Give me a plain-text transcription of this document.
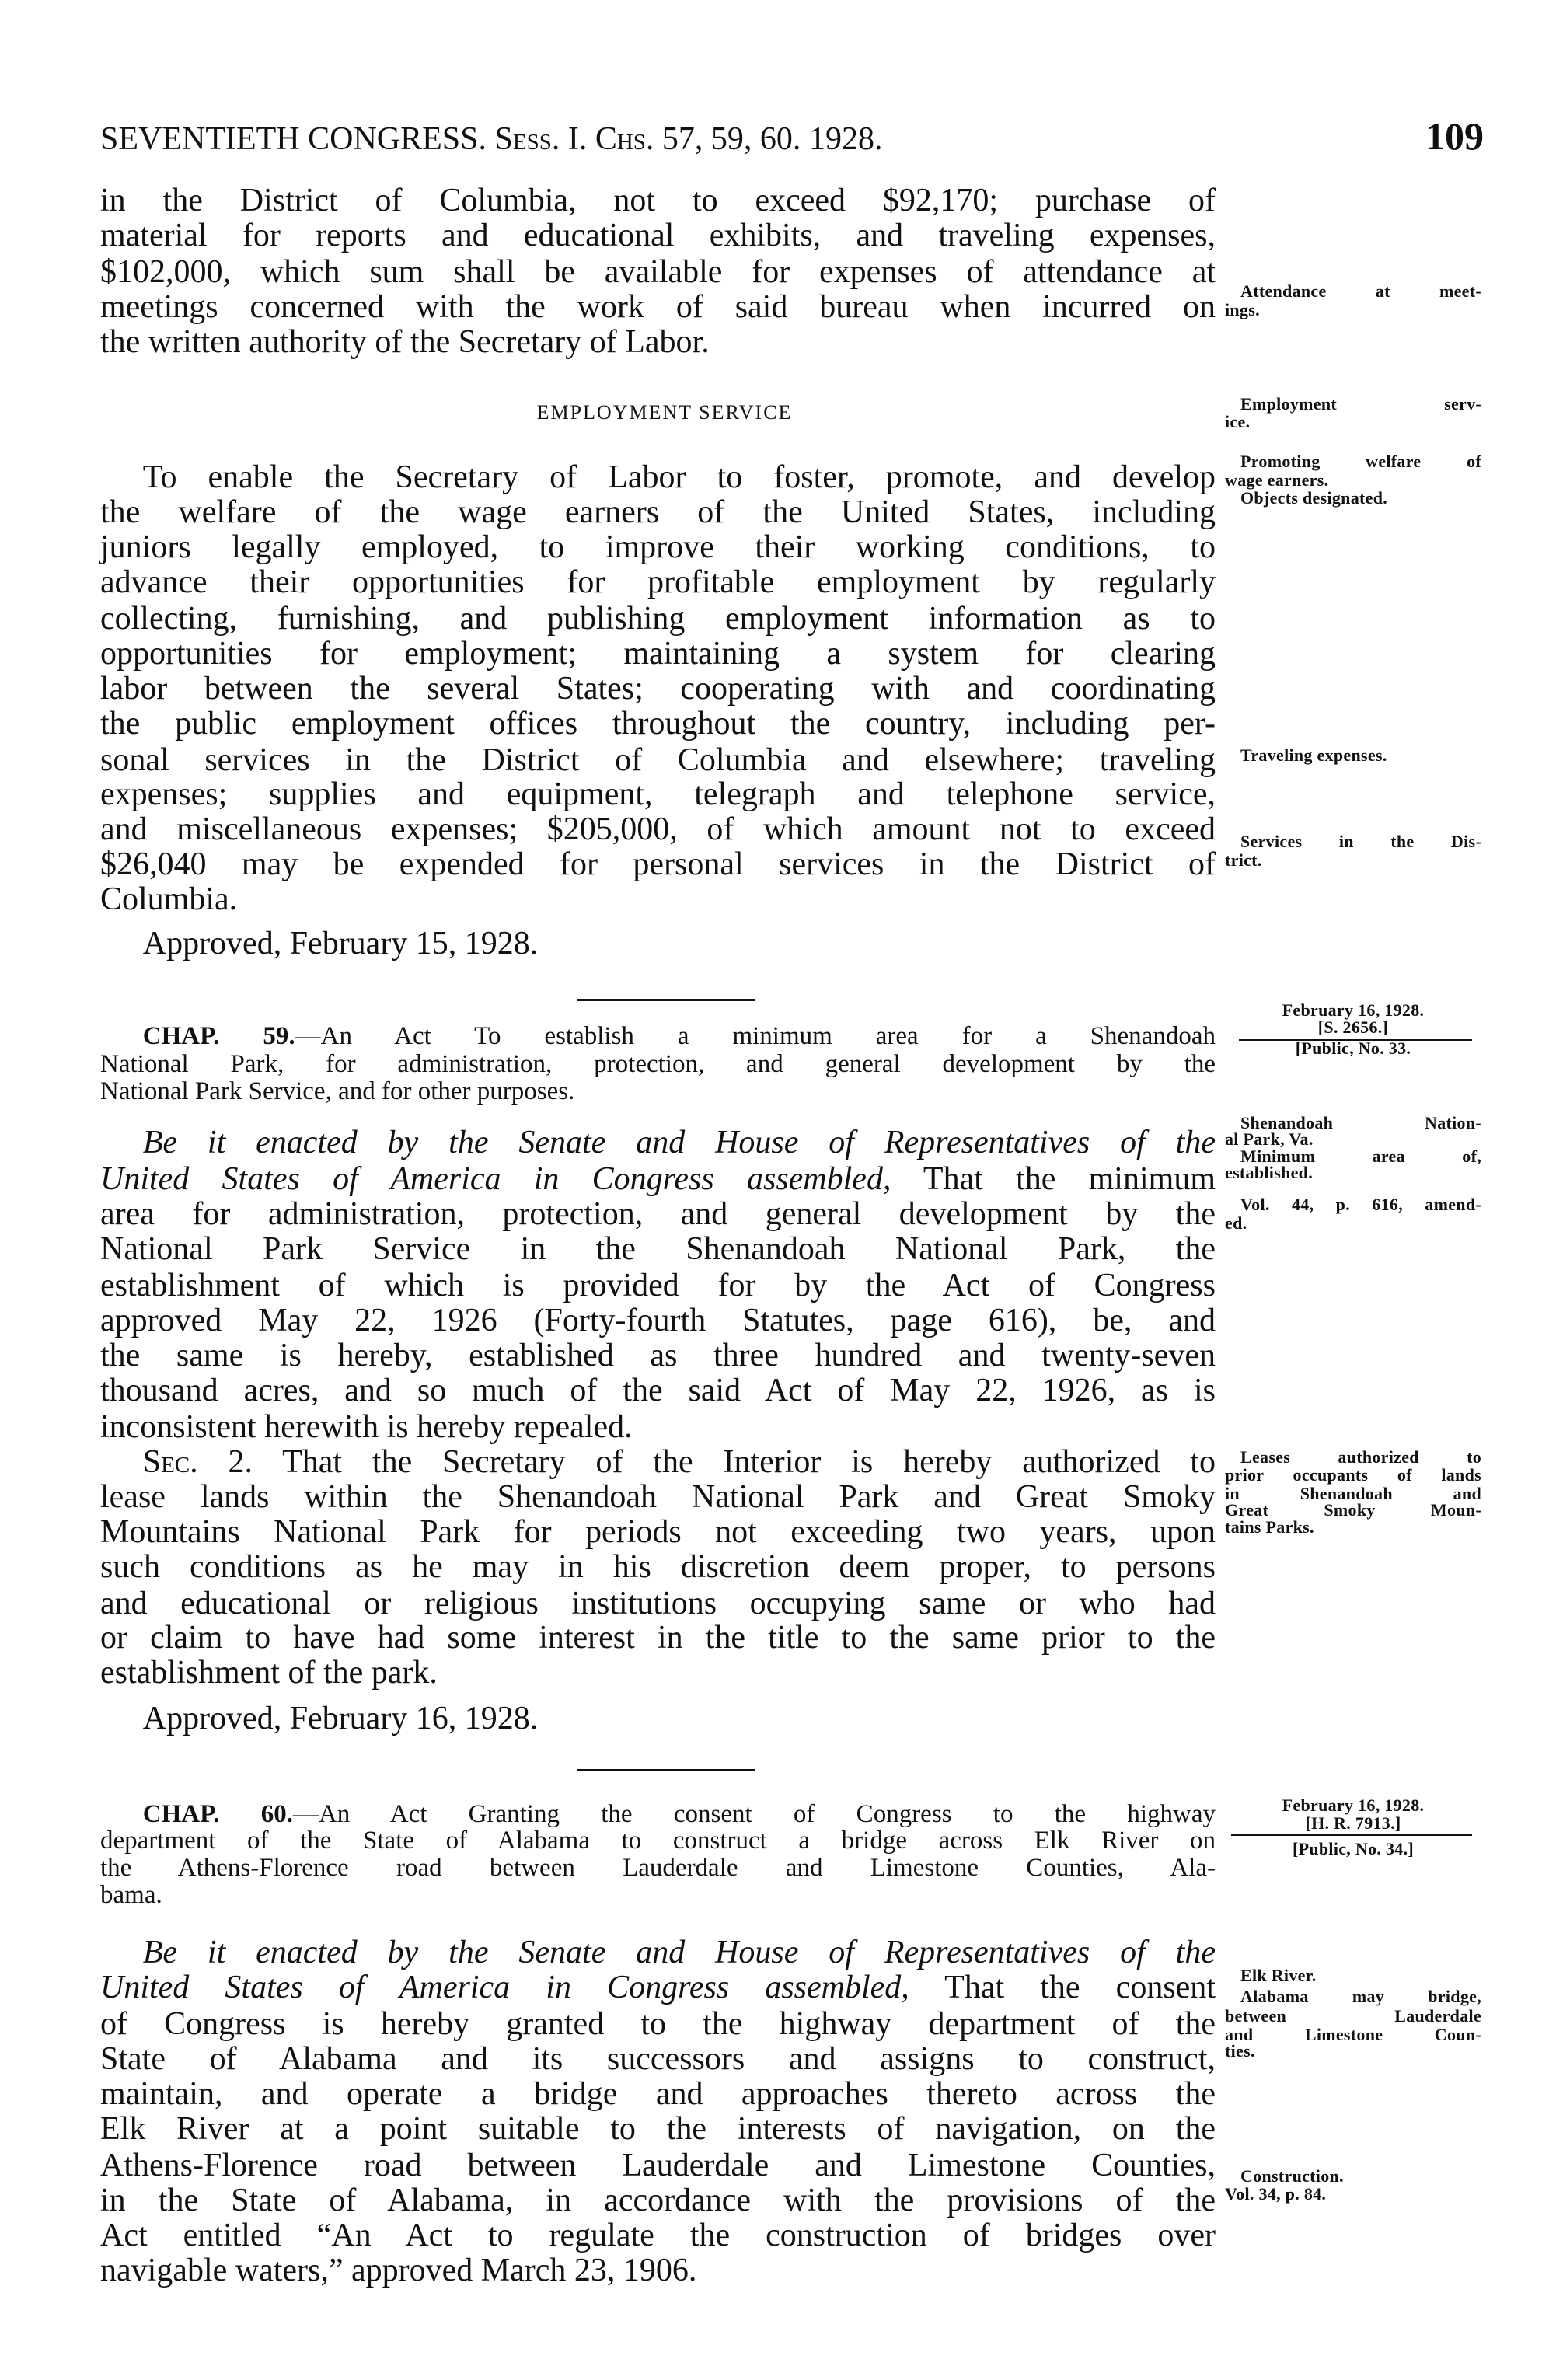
SEVENTIETH CONGRESS.
Sess. I.
Chs. 57, 59, 60.
1928.	109
EMPLOYMENT SERVICE
in the District of Columbia, not to exceed $92,170; purchase of
material for reports and educational exhibits, and traveling expenses,
$102,000, which sum shall be available for expenses of attendance at
meetings concerned with the work of said bureau when incurred on
the written authority of the Secretary of Labor.
To enable the Secretary of Labor to foster, promote, and develop
the welfare of the wage earners of the United States, including
juniors legally employed, to improve their working conditions, to
advance their opportunities for profitable employment by regularly
collecting, furnishing, and publishing employment information as to
opportunities for employment; maintaining a system for clearing
labor between the several States; cooperating with and coordinating
the public employment offices throughout the country, including per-
sonal services in the District of Columbia and elsewhere; traveling
expenses; supplies and equipment, telegraph and telephone service,
and miscellaneous expenses; $205,000, of which amount not to exceed
$26,040 may be expended for personal services in the District of
Columbia.
Approved, February 15, 1928.
CHAP. 59.—An Act To establish a minimum area for a Shenandoah
National Park, for administration, protection, and general development by the
National Park Service, and for other purposes.
Be it enacted by the Senate and House of Representatives of the
United States of America in Congress assembled, That the minimum
area for administration, protection, and general development by the
National Park Service in the Shenandoah National Park, the
establishment of which is provided for by the Act of Congress
approved May 22, 1926 (Forty-fourth Statutes, page 616), be, and
the same is hereby, established as three hundred and twenty-seven
thousand acres, and so much of the said Act of May 22, 1926, as is
inconsistent herewith is hereby repealed.
Sec. 2. That the Secretary of the Interior is hereby authorized to
lease lands within the Shenandoah National Park and Great Smoky
Mountains National Park for periods not exceeding two years, upon
such conditions as he may in his discretion deem proper, to persons
and educational or religious institutions occupying same or who had
or claim to have had some interest in the title to the same prior to the
establishment of the park.
Approved, February 16, 1928.
CHAP. 60.—An Act Granting the consent of Congress to the highway
department of the State of Alabama to construct a bridge across Elk River on
the Athens-Florence road between Lauderdale and Limestone Counties, Ala-
bama.
Be it enacted by the Senate and House of Representatives of the
United States of America in Congress assembled, That the consent
of Congress is hereby granted to the highway department of the
State of Alabama and its successors and assigns to construct,
maintain, and operate a bridge and approaches thereto across the
Elk River at a point suitable to the interests of navigation, on the
Athens-Florence road between Lauderdale and Limestone Counties,
in the State of Alabama, in accordance with the provisions of the
Act entitled “An Act to regulate the construction of bridges over
navigable waters,” approved March 23, 1906.
Attendance at meet-
ings.
Employment serv-
ice.
Promoting welfare of
wage earners.
Objects designated.
Traveling expenses.
Services in the Dis-
trict.
February 16, 1928.
[S. 2656.]
[Public, No. 33.
Shenandoah Nation-
al Park, Va.
Minimum area of,
established.
Vol. 44, p. 616, amend-
ed.
Leases authorized to
prior occupants of lands
in Shenandoah and
Great Smoky Moun-
tains Parks.
February 16, 1928.
[H. R. 7913.]
[Public, No. 34.]
Elk River.
Alabama may bridge,
between Lauderdale
and Limestone Coun-
ties.
Construction.
Vol. 34, p. 84.
